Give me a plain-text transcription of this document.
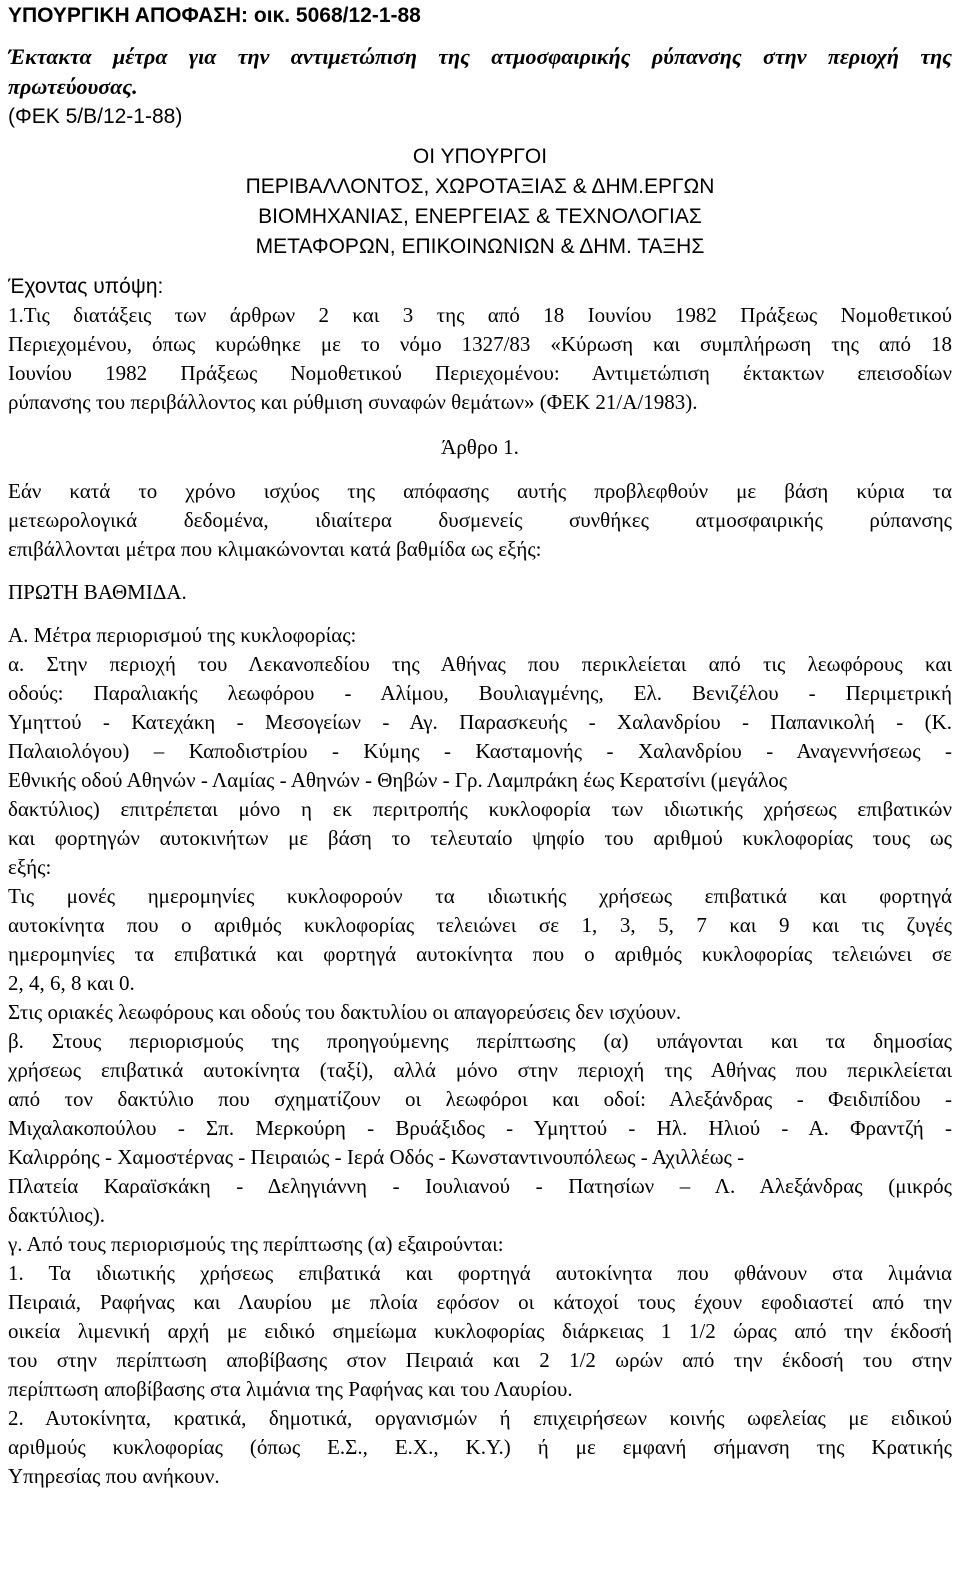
ΥΠΟΥΡΓΙΚΗ ΑΠΟΦΑΣΗ: οικ. 5068/12-1-88
Έκτακτα μέτρα για την αντιμετώπιση της ατμοσφαιρικής ρύπανσης στην περιοχή της
πρωτεύουσας.
(ΦΕΚ 5/Β/12-1-88)
ΟΙ ΥΠΟΥΡΓΟΙ
ΠΕΡΙΒΑΛΛΟΝΤΟΣ, ΧΩΡΟΤΑΞΙΑΣ & ΔΗΜ.ΕΡΓΩΝ
ΒΙΟΜΗΧΑΝΙΑΣ, ΕΝΕΡΓΕΙΑΣ & ΤΕΧΝΟΛΟΓΙΑΣ
ΜΕΤΑΦΟΡΩΝ, ΕΠΙΚΟΙΝΩΝΙΩΝ & ΔΗΜ. ΤΑΞΗΣ
Έχοντας υπόψη:
1.Τις διατάξεις των άρθρων 2 και 3 της από 18 Ιουνίου 1982 Πράξεως Νομοθετικού
Περιεχομένου, όπως κυρώθηκε με το νόμο 1327/83 «Κύρωση και συμπλήρωση της από 18
Ιουνίου 1982 Πράξεως Νομοθετικού Περιεχομένου: Αντιμετώπιση έκτακτων επεισοδίων
ρύπανσης του περιβάλλοντος και ρύθμιση συναφών θεμάτων» (ΦΕΚ 21/Α/1983).
Άρθρο 1.
Εάν κατά το χρόνο ισχύος της απόφασης αυτής προβλεφθούν με βάση κύρια τα
μετεωρολογικά δεδομένα, ιδιαίτερα δυσμενείς συνθήκες ατμοσφαιρικής ρύπανσης
επιβάλλονται μέτρα που κλιμακώνονται κατά βαθμίδα ως εξής:
ΠΡΩΤΗ ΒΑΘΜΙΔΑ.
Α. Μέτρα περιορισμού της κυκλοφορίας:
α. Στην περιοχή του Λεκανοπεδίου της Αθήνας που περικλείεται από τις λεωφόρους και
οδούς: Παραλιακής λεωφόρου - Αλίμου, Βουλιαγμένης, Ελ. Βενιζέλου - Περιμετρική
Υμηττού - Κατεχάκη - Μεσογείων - Αγ. Παρασκευής - Χαλανδρίου - Παπανικολή - (Κ.
Παλαιολόγου) – Καποδιστρίου - Κύμης - Κασταμονής - Χαλανδρίου - Αναγεννήσεως -
Εθνικής οδού Αθηνών - Λαμίας - Αθηνών - Θηβών - Γρ. Λαμπράκη έως Κερατσίνι (μεγάλος
δακτύλιος) επιτρέπεται μόνο η εκ περιτροπής κυκλοφορία των ιδιωτικής χρήσεως επιβατικών
και φορτηγών αυτοκινήτων με βάση το τελευταίο ψηφίο του αριθμού κυκλοφορίας τους ως
εξής:
Τις μονές ημερομηνίες κυκλοφορούν τα ιδιωτικής χρήσεως επιβατικά και φορτηγά
αυτοκίνητα που ο αριθμός κυκλοφορίας τελειώνει σε 1, 3, 5, 7 και 9 και τις ζυγές
ημερομηνίες τα επιβατικά και φορτηγά αυτοκίνητα που ο αριθμός κυκλοφορίας τελειώνει σε
2, 4, 6, 8 και 0.
Στις οριακές λεωφόρους και οδούς του δακτυλίου οι απαγορεύσεις δεν ισχύουν.
β. Στους περιορισμούς της προηγούμενης περίπτωσης (α) υπάγονται και τα δημοσίας
χρήσεως επιβατικά αυτοκίνητα (ταξί), αλλά μόνο στην περιοχή της Αθήνας που περικλείεται
από τον δακτύλιο που σχηματίζουν οι λεωφόροι και οδοί: Αλεξάνδρας - Φειδιπίδου -
Μιχαλακοπούλου - Σπ. Μερκούρη - Βρυάξιδος - Υμηττού - Ηλ. Ηλιού - Α. Φραντζή -
Καλιρρόης - Χαμοστέρνας - Πειραιώς - Ιερά Οδός - Κωνσταντινουπόλεως - Αχιλλέως -
Πλατεία Καραϊσκάκη - Δεληγιάννη - Ιουλιανού - Πατησίων – Λ. Αλεξάνδρας (μικρός
δακτύλιος).
γ. Από τους περιορισμούς της περίπτωσης (α) εξαιρούνται:
1. Τα ιδιωτικής χρήσεως επιβατικά και φορτηγά αυτοκίνητα που φθάνουν στα λιμάνια
Πειραιά, Ραφήνας και Λαυρίου με πλοία εφόσον οι κάτοχοί τους έχουν εφοδιαστεί από την
οικεία λιμενική αρχή με ειδικό σημείωμα κυκλοφορίας διάρκειας 1 1/2 ώρας από την έκδοσή
του στην περίπτωση αποβίβασης στον Πειραιά και 2 1/2 ωρών από την έκδοσή του στην
περίπτωση αποβίβασης στα λιμάνια της Ραφήνας και του Λαυρίου.
2. Αυτοκίνητα, κρατικά, δημοτικά, οργανισμών ή επιχειρήσεων κοινής ωφελείας με ειδικού
αριθμούς κυκλοφορίας (όπως Ε.Σ., Ε.Χ., Κ.Υ.) ή με εμφανή σήμανση της Κρατικής
Υπηρεσίας που ανήκουν.
